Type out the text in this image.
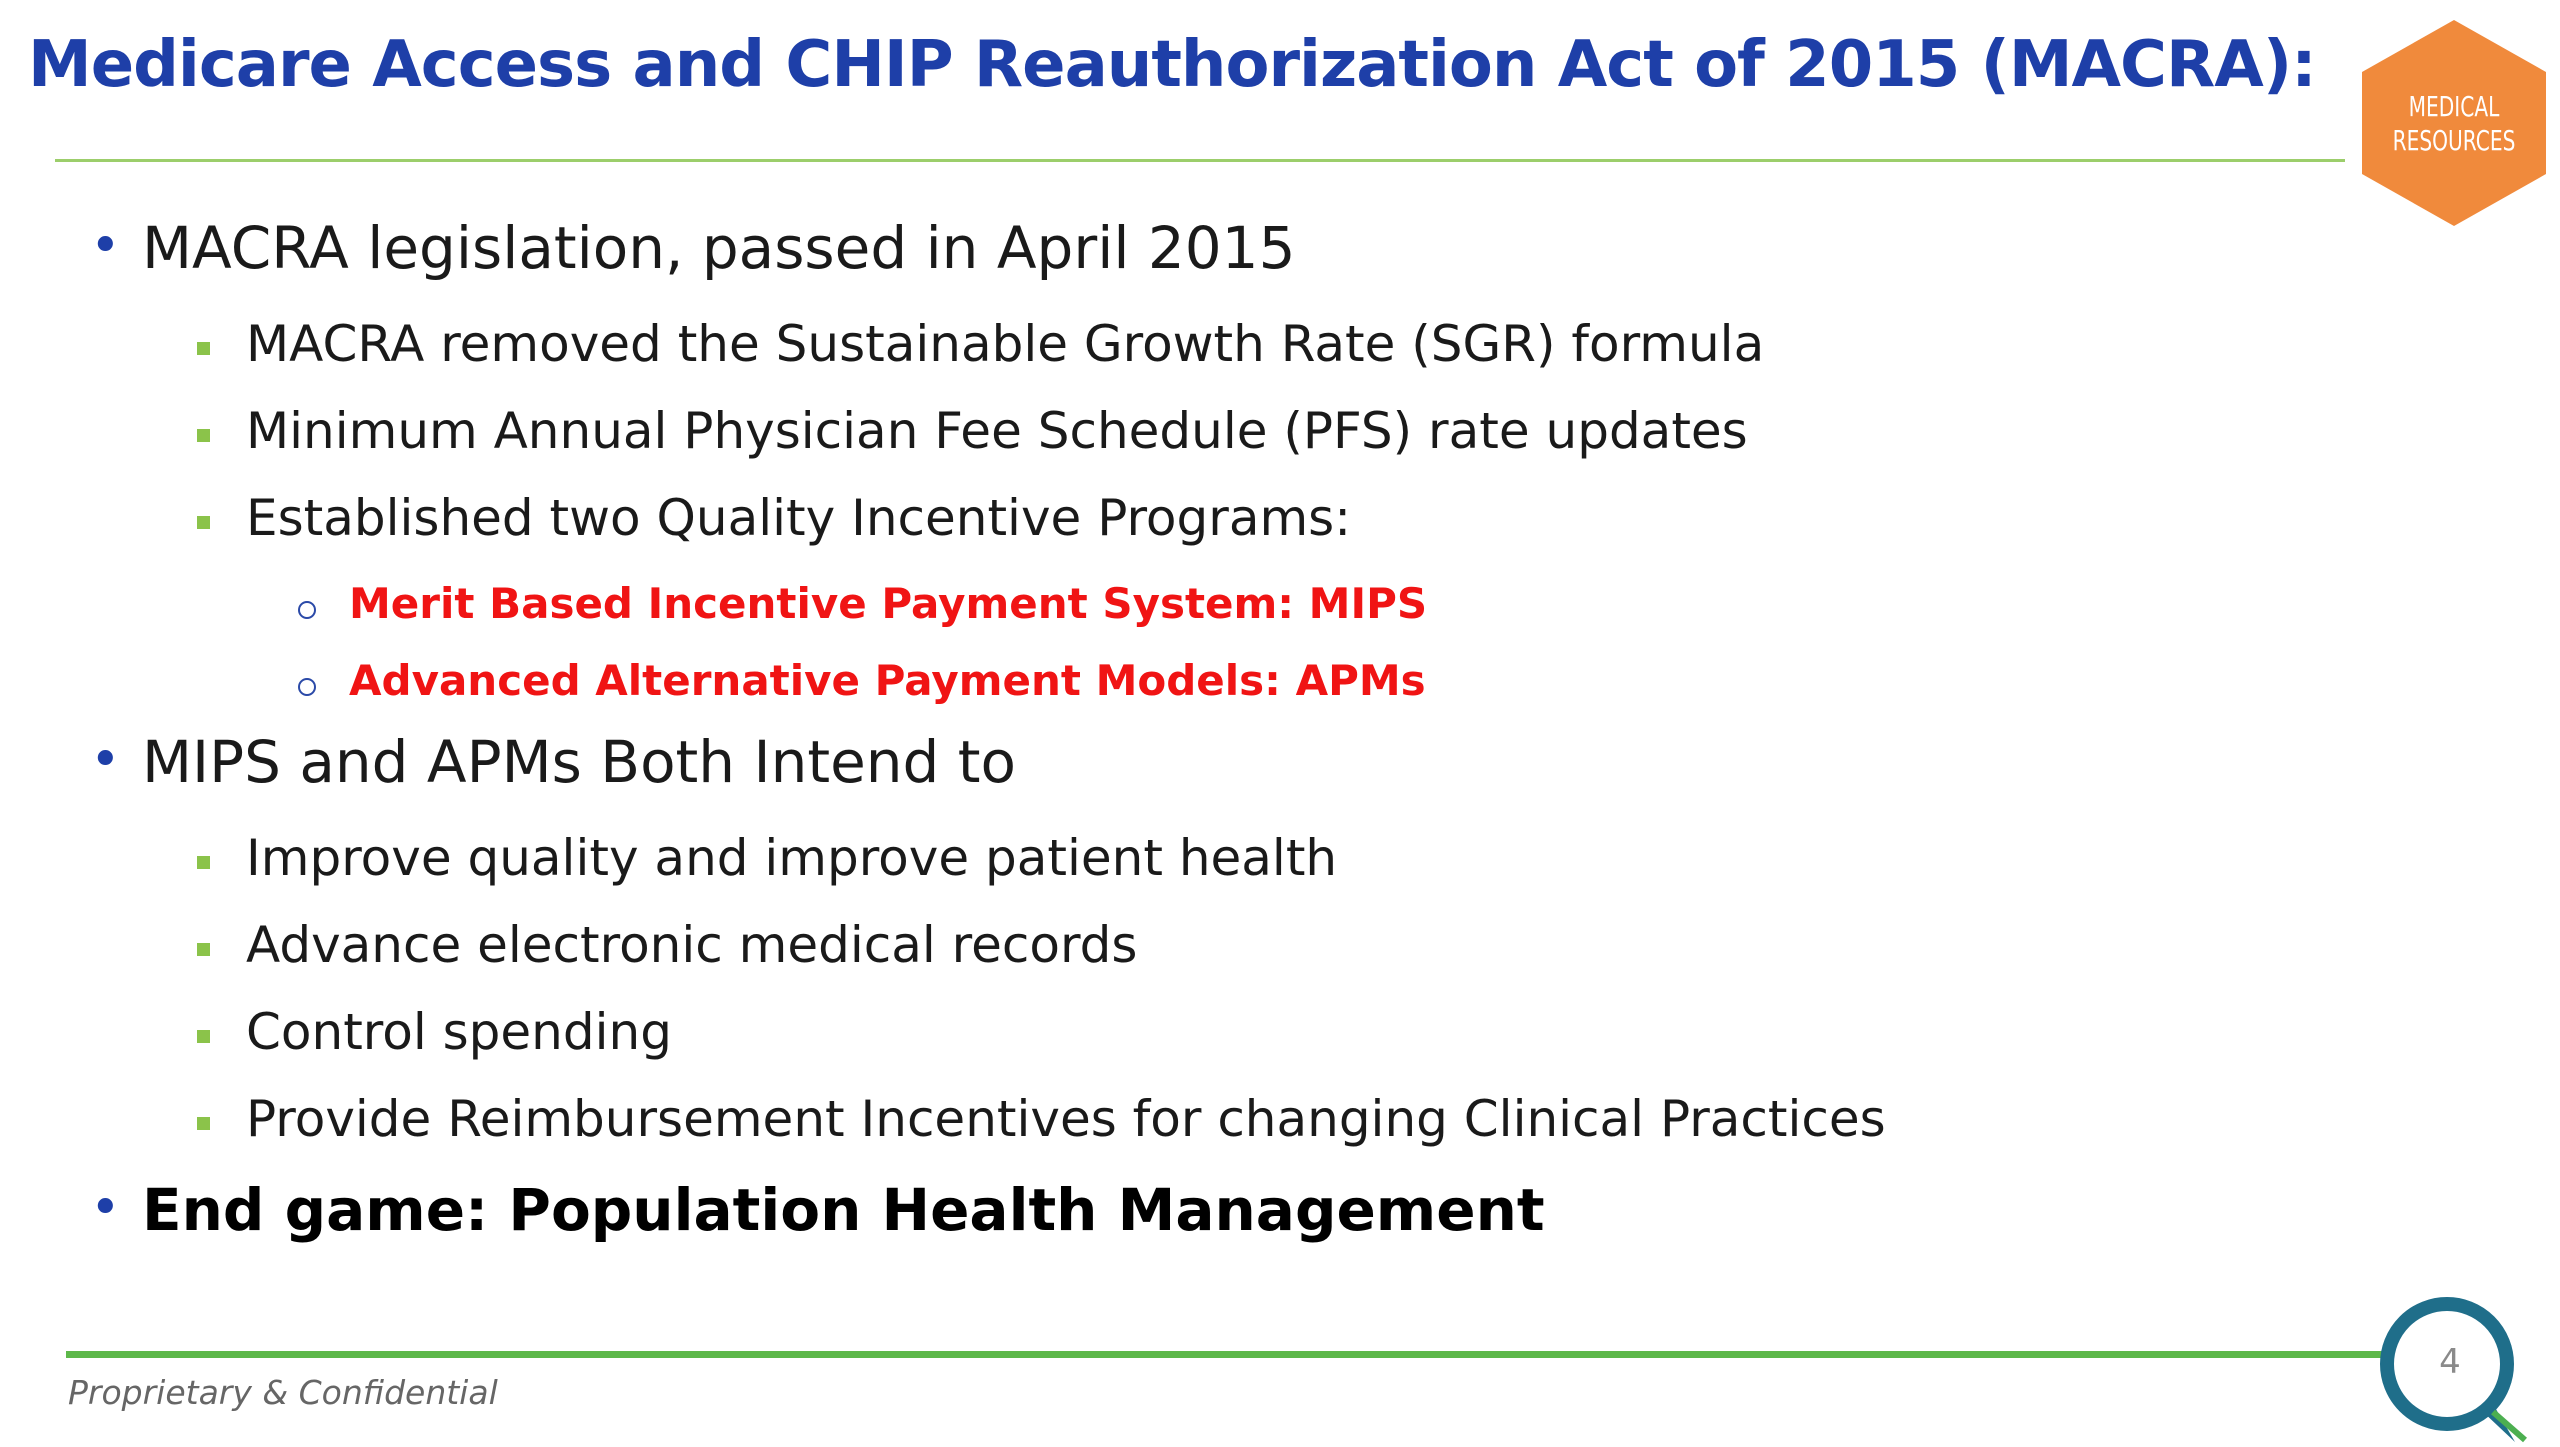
Medicare Access and CHIP Reauthorization Act of 2015 (MACRA):
MEDICAL
RESOURCES
• MACRA legislation, passed in April 2015
MACRA removed the Sustainable Growth Rate (SGR) formula
Minimum Annual Physician Fee Schedule (PFS) rate updates
Established two Quality Incentive Programs:
Merit Based Incentive Payment System: MIPS
Advanced Alternative Payment Models: APMs
• MIPS and APMs Both Intend to
Improve quality and improve patient health
Advance electronic medical records
Control spending
Provide Reimbursement Incentives for changing Clinical Practices
• End game: Population Health Management
Proprietary & Confidential
4
